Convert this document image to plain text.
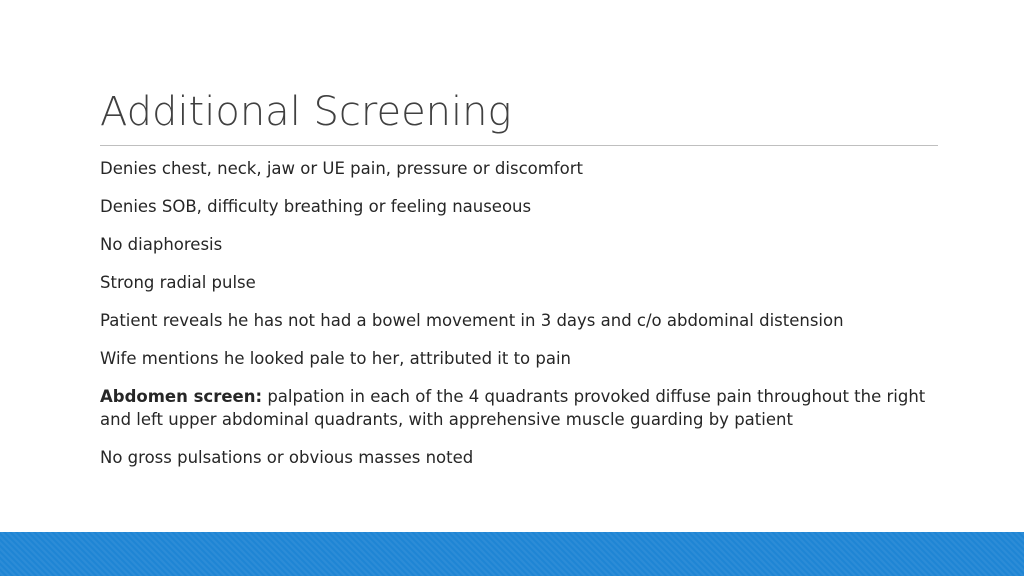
Additional Screening
Denies chest, neck, jaw or UE pain, pressure or discomfort
Denies SOB, difficulty breathing or feeling nauseous
No diaphoresis
Strong radial pulse
Patient reveals he has not had a bowel movement in 3 days and c/o abdominal distension
Wife mentions he looked pale to her, attributed it to pain
Abdomen screen: palpation in each of the 4 quadrants provoked diffuse pain throughout the right and left upper abdominal quadrants, with apprehensive muscle guarding by patient
No gross pulsations or obvious masses noted
